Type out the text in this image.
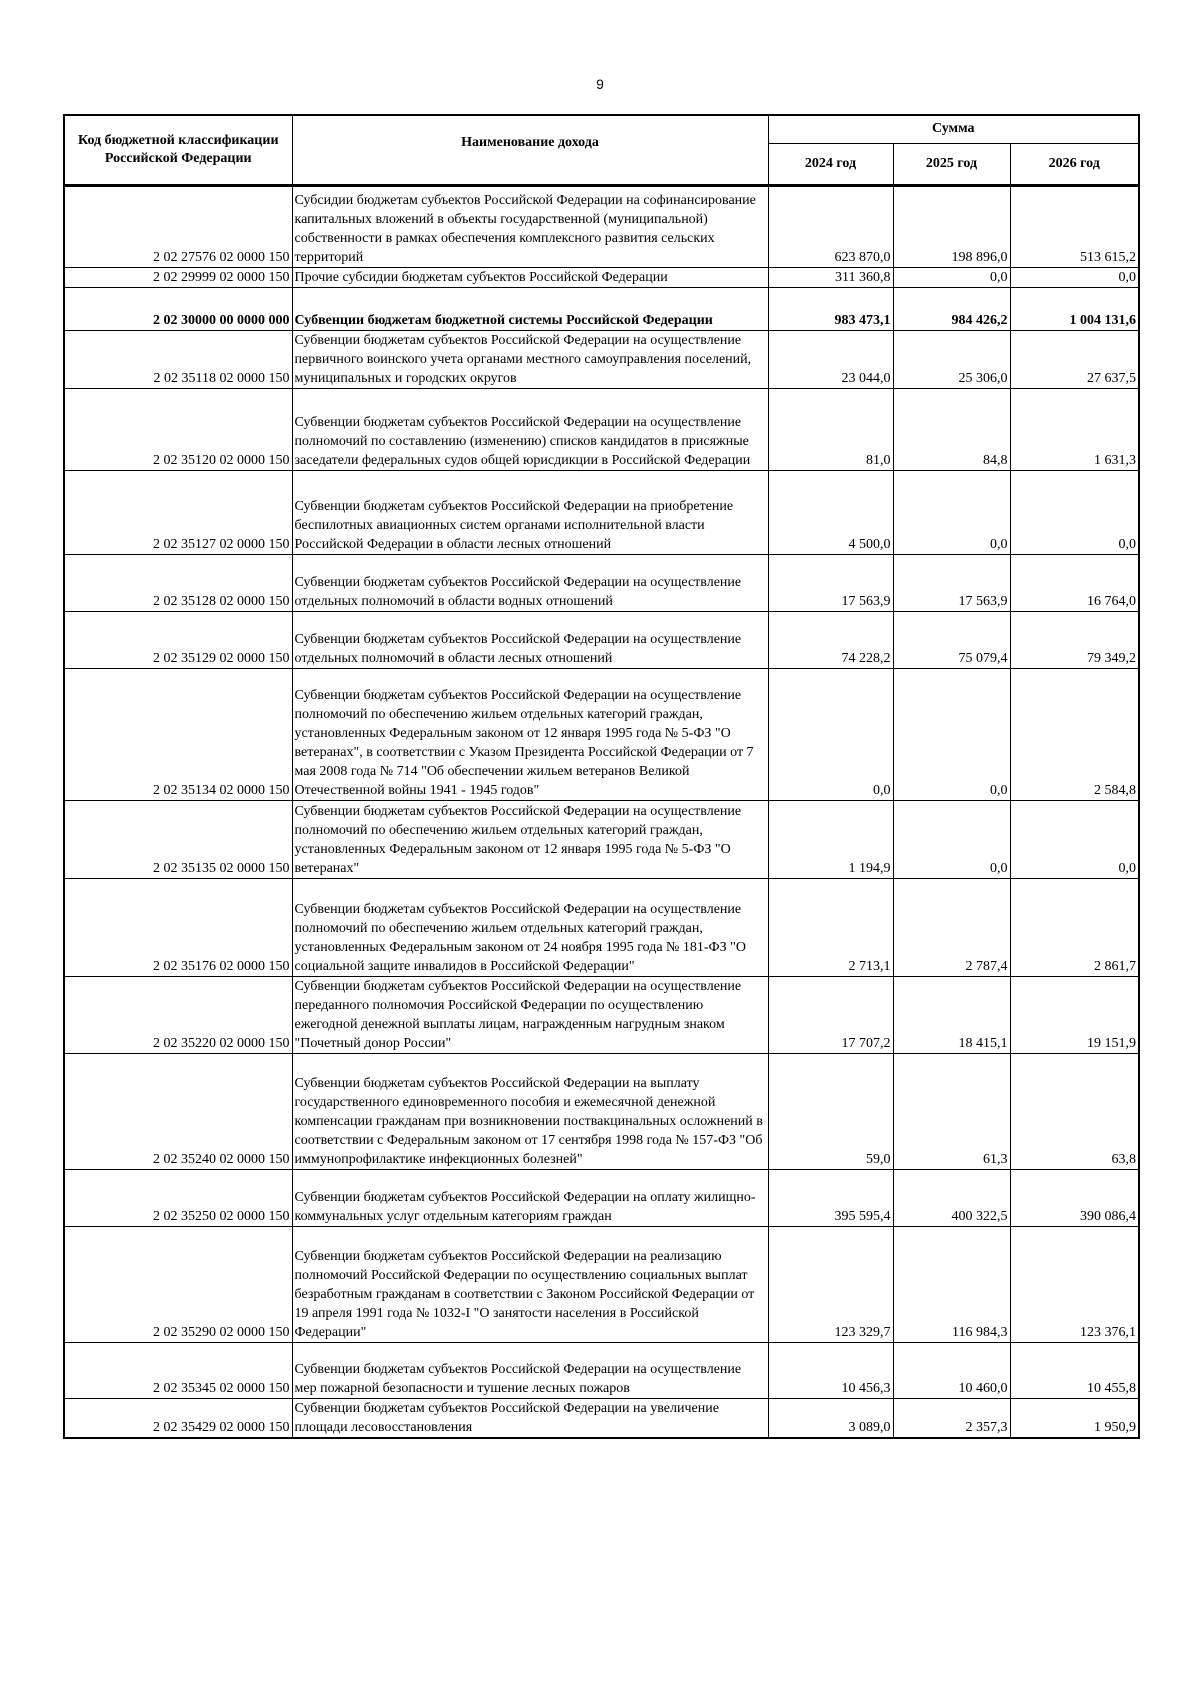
9
Код бюджетной классификации Российской Федерации	Наименование дохода	Сумма		
		2024 год	2025 год	2026 год
2 02 27576 02 0000 150	Субсидии бюджетам субъектов Российской Федерации на софинансирование капитальных вложений в объекты государственной (муниципальной) собственности в рамках обеспечения комплексного развития сельских территорий	623 870,0	198 896,0	513 615,2
2 02 29999 02 0000 150	Прочие субсидии бюджетам субъектов Российской Федерации	311 360,8	0,0	0,0
2 02 30000 00 0000 000	Субвенции бюджетам бюджетной системы Российской Федерации	983 473,1	984 426,2	1 004 131,6
2 02 35118 02 0000 150	Субвенции бюджетам субъектов Российской Федерации на осуществление первичного воинского учета органами местного самоуправления поселений, муниципальных и городских округов	23 044,0	25 306,0	27 637,5
2 02 35120 02 0000 150	Субвенции бюджетам субъектов Российской Федерации на осуществление полномочий по составлению (изменению) списков кандидатов в присяжные заседатели федеральных судов общей юрисдикции в Российской Федерации	81,0	84,8	1 631,3
2 02 35127 02 0000 150	Субвенции бюджетам субъектов Российской Федерации на приобретение беспилотных авиационных систем органами исполнительной власти Российской Федерации в области лесных отношений	4 500,0	0,0	0,0
2 02 35128 02 0000 150	Субвенции бюджетам субъектов Российской Федерации на осуществление отдельных полномочий в области водных отношений	17 563,9	17 563,9	16 764,0
2 02 35129 02 0000 150	Субвенции бюджетам субъектов Российской Федерации на осуществление отдельных полномочий в области лесных отношений	74 228,2	75 079,4	79 349,2
2 02 35134 02 0000 150	Субвенции бюджетам субъектов Российской Федерации на осуществление полномочий по обеспечению жильем отдельных категорий граждан, установленных Федеральным законом от 12 января 1995 года № 5-ФЗ "О ветеранах", в соответствии с Указом Президента Российской Федерации от 7 мая 2008 года № 714 "Об обеспечении жильем ветеранов Великой Отечественной войны 1941 - 1945 годов"	0,0	0,0	2 584,8
2 02 35135 02 0000 150	Субвенции бюджетам субъектов Российской Федерации на осуществление полномочий по обеспечению жильем отдельных категорий граждан, установленных Федеральным законом от 12 января 1995 года № 5-ФЗ "О ветеранах"	1 194,9	0,0	0,0
2 02 35176 02 0000 150	Субвенции бюджетам субъектов Российской Федерации на осуществление полномочий по обеспечению жильем отдельных категорий граждан, установленных Федеральным законом от 24 ноября 1995 года № 181-ФЗ "О социальной защите инвалидов в Российской Федерации"	2 713,1	2 787,4	2 861,7
2 02 35220 02 0000 150	Субвенции бюджетам субъектов Российской Федерации на осуществление переданного полномочия Российской Федерации по осуществлению ежегодной денежной выплаты лицам, награжденным нагрудным знаком "Почетный донор России"	17 707,2	18 415,1	19 151,9
2 02 35240 02 0000 150	Субвенции бюджетам субъектов Российской Федерации на выплату государственного единовременного пособия и ежемесячной денежной компенсации гражданам при возникновении поствакцинальных осложнений в соответствии с Федеральным законом от 17 сентября 1998 года № 157-ФЗ "Об иммунопрофилактике инфекционных болезней"	59,0	61,3	63,8
2 02 35250 02 0000 150	Субвенции бюджетам субъектов Российской Федерации на оплату жилищно-коммунальных услуг отдельным категориям граждан	395 595,4	400 322,5	390 086,4
2 02 35290 02 0000 150	Субвенции бюджетам субъектов Российской Федерации на реализацию полномочий Российской Федерации по осуществлению социальных выплат безработным гражданам в соответствии с Законом Российской Федерации от 19 апреля 1991 года № 1032-I "О занятости населения в Российской Федерации"	123 329,7	116 984,3	123 376,1
2 02 35345 02 0000 150	Субвенции бюджетам субъектов Российской Федерации на осуществление мер пожарной безопасности и тушение лесных пожаров	10 456,3	10 460,0	10 455,8
2 02 35429 02 0000 150	Субвенции бюджетам субъектов Российской Федерации на увеличение площади лесовосстановления	3 089,0	2 357,3	1 950,9
